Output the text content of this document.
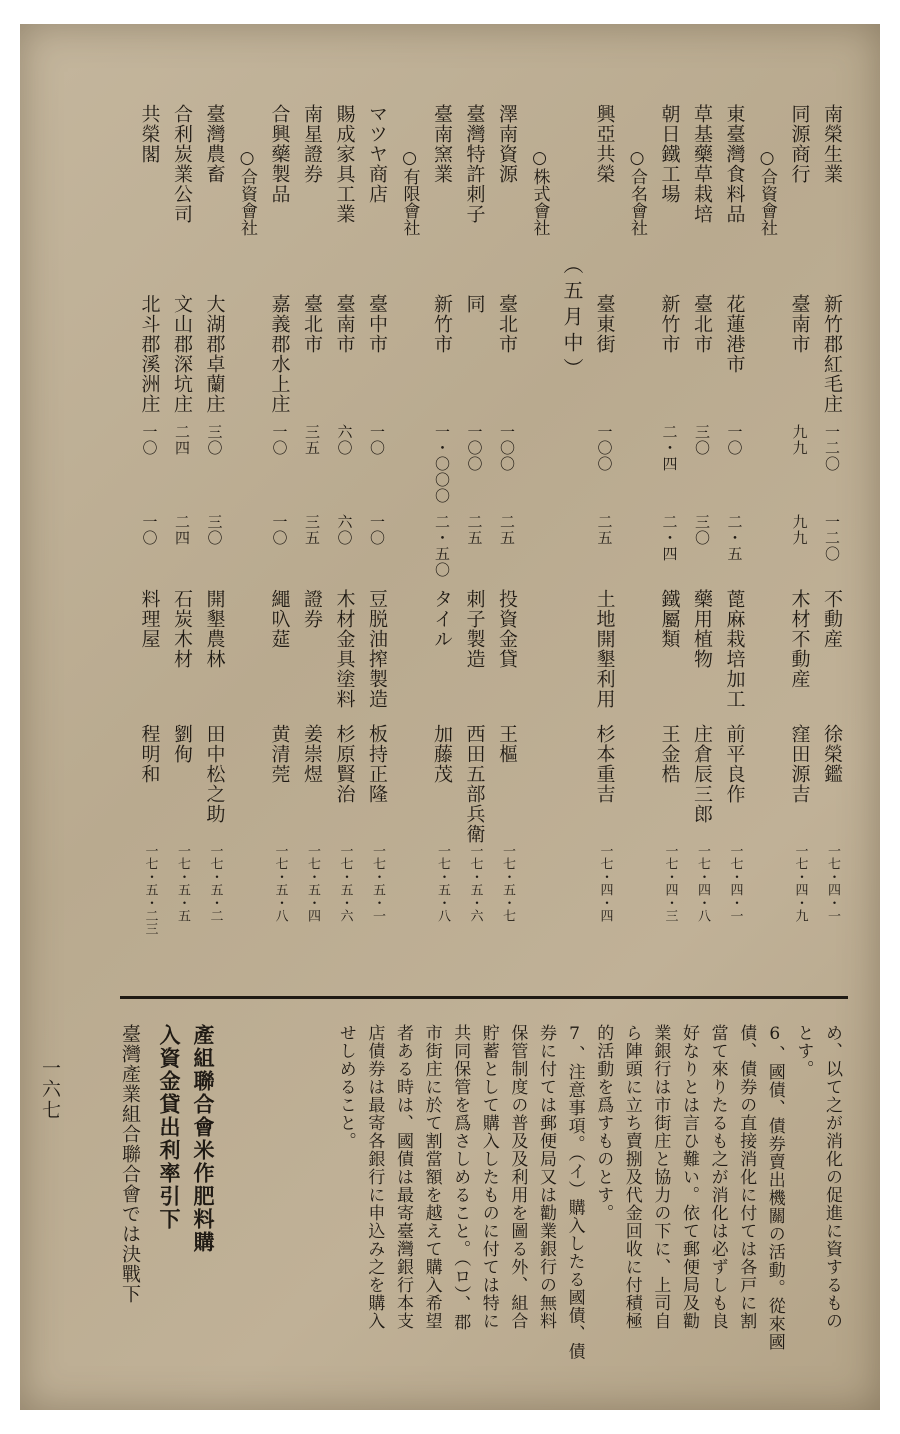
南榮生業
新竹郡紅毛庄
一二〇
一二〇
不動産
徐榮鑑
一七・四・一
同源商行
臺南市
九九
九九
木材不動産
窪田源吉
一七・四・九
○合資會社
東臺灣食料品
花蓮港市
一〇
二・五
蓖麻栽培加工
前平良作
一七・四・一
草基藥草栽培
臺北市
三〇
三〇
藥用植物
庄倉辰三郎
一七・四・八
朝日鐵工場
新竹市
二・四
二・四
鐵屬類
王金梏
一七・四・三
○合名會社
興亞共榮
臺東街
一〇〇
二五
土地開墾利用
杉本重吉
一七・四・四
（五月中）
○株式會社
澤南資源
臺北市
一〇〇
二五
投資金貸
王樞
一七・五・七
臺灣特許刺子
同
一〇〇
二五
刺子製造
西田五部兵衛
一七・五・六
臺南窯業
新竹市
一・〇〇〇
二・五〇
タイル
加藤茂
一七・五・八
○有限會社
マツヤ商店
臺中市
一〇
一〇
豆脱油搾製造
板持正隆
一七・五・一
賜成家具工業
臺南市
六〇
六〇
木材金具塗料
杉原賢治
一七・五・六
南星證券
臺北市
三五
三五
證券
姜崇煜
一七・五・四
合興藥製品
嘉義郡水上庄
一〇
一〇
繩叺莚
黄清莞
一七・五・八
○合資會社
臺灣農畜
大湖郡卓蘭庄
三〇
三〇
開墾農林
田中松之助
一七・五・二
合利炭業公司
文山郡深坑庄
二四
二四
石炭木材
劉侚
一七・五・五
共榮閣
北斗郡溪洲庄
一〇
一〇
料理屋
程明和
一七・五・二三
め、以て之が消化の促進に資するもの
とす。
6、國債、債券賣出機關の活動。從來國
債、債券の直接消化に付ては各戸に割
當て來りたるも之が消化は必ずしも良
好なりとは言ひ難い。依て郵便局及勸
業銀行は市街庄と協力の下に、上司自
ら陣頭に立ち賣捌及代金回收に付積極
的活動を爲すものとす。
7、注意事項。（イ）購入したる國債、債
券に付ては郵便局又は勸業銀行の無料
保管制度の普及及利用を圖る外、組合
貯蓄として購入したものに付ては特に
共同保管を爲さしめること。（ロ）、郡
市街庄に於て割當額を越えて購入希望
者ある時は、國債は最寄臺灣銀行本支
店債券は最寄各銀行に申込み之を購入
せしめること。
產組聯合會米作肥料購
入資金貸出利率引下
臺灣產業組合聯合會では決戰下
一六七
